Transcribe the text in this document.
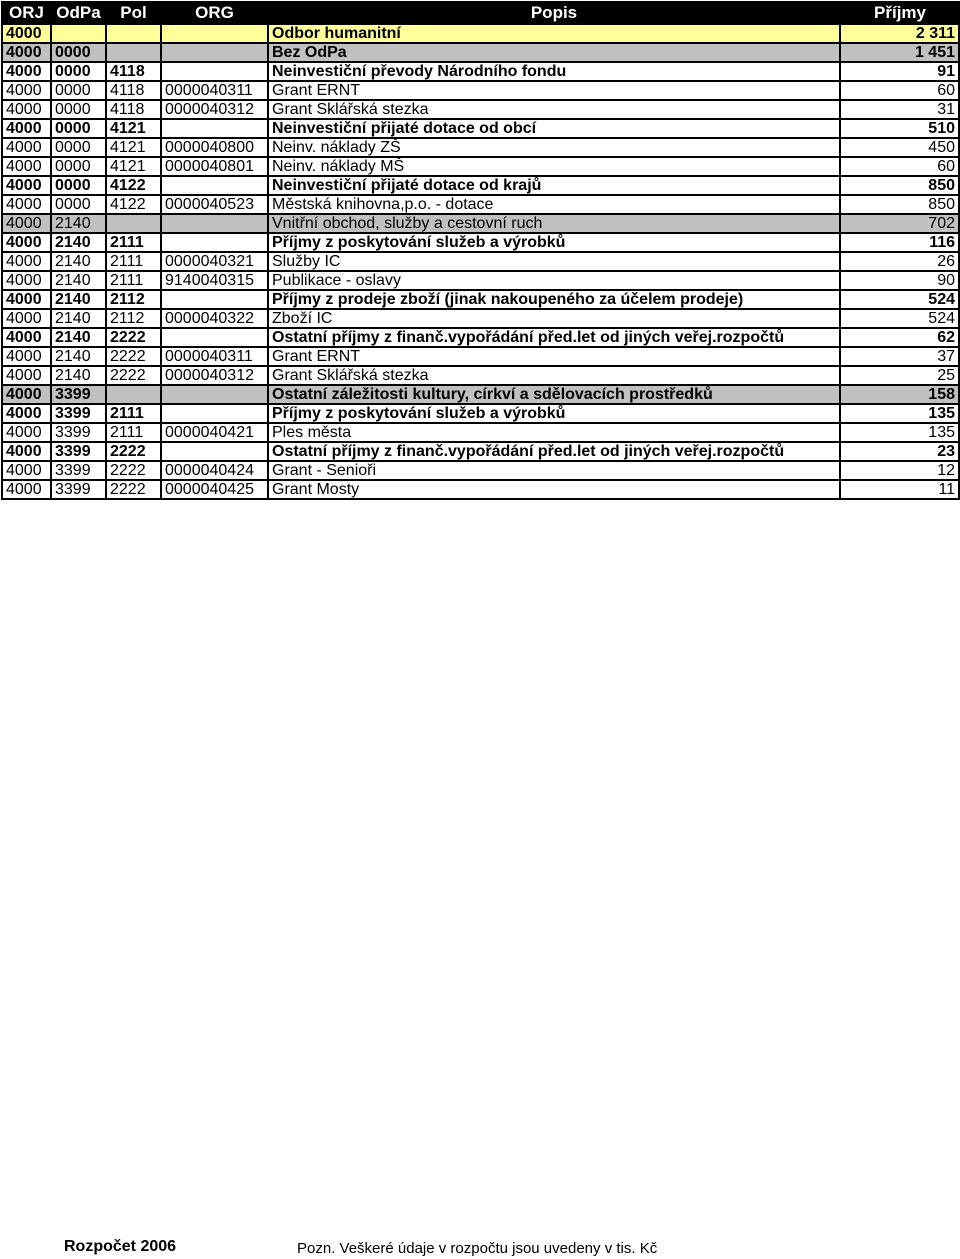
ORJ	OdPa	Pol	ORG	Popis	Příjmy
4000				Odbor humanitní	2 311
4000	0000			Bez OdPa	1 451
4000	0000	4118		Neinvestiční převody Národního fondu	91
4000	0000	4118	0000040311	Grant ERNT	60
4000	0000	4118	0000040312	Grant Sklářská stezka	31
4000	0000	4121		Neinvestiční přijaté dotace od obcí	510
4000	0000	4121	0000040800	Neinv. náklady ZŠ	450
4000	0000	4121	0000040801	Neinv. náklady MŠ	60
4000	0000	4122		Neinvestiční přijaté dotace od krajů	850
4000	0000	4122	0000040523	Městská knihovna,p.o. - dotace	850
4000	2140			Vnitřní obchod, služby a cestovní ruch	702
4000	2140	2111		Příjmy z poskytování služeb a výrobků	116
4000	2140	2111	0000040321	Služby IC	26
4000	2140	2111	9140040315	Publikace - oslavy	90
4000	2140	2112		Příjmy z prodeje zboží (jinak nakoupeného za účelem prodeje)	524
4000	2140	2112	0000040322	Zboží IC	524
4000	2140	2222		Ostatní příjmy z finanč.vypořádání před.let od jiných veřej.rozpočtů	62
4000	2140	2222	0000040311	Grant ERNT	37
4000	2140	2222	0000040312	Grant Sklářská stezka	25
4000	3399			Ostatní záležitosti kultury, církví a sdělovacích prostředků	158
4000	3399	2111		Příjmy z poskytování služeb a výrobků	135
4000	3399	2111	0000040421	Ples města	135
4000	3399	2222		Ostatní příjmy z finanč.vypořádání před.let od jiných veřej.rozpočtů	23
4000	3399	2222	0000040424	Grant - Senioři	12
4000	3399	2222	0000040425	Grant Mosty	11
Rozpočet 2006	Pozn. Veškeré údaje v rozpočtu jsou uvedeny v tis. Kč
